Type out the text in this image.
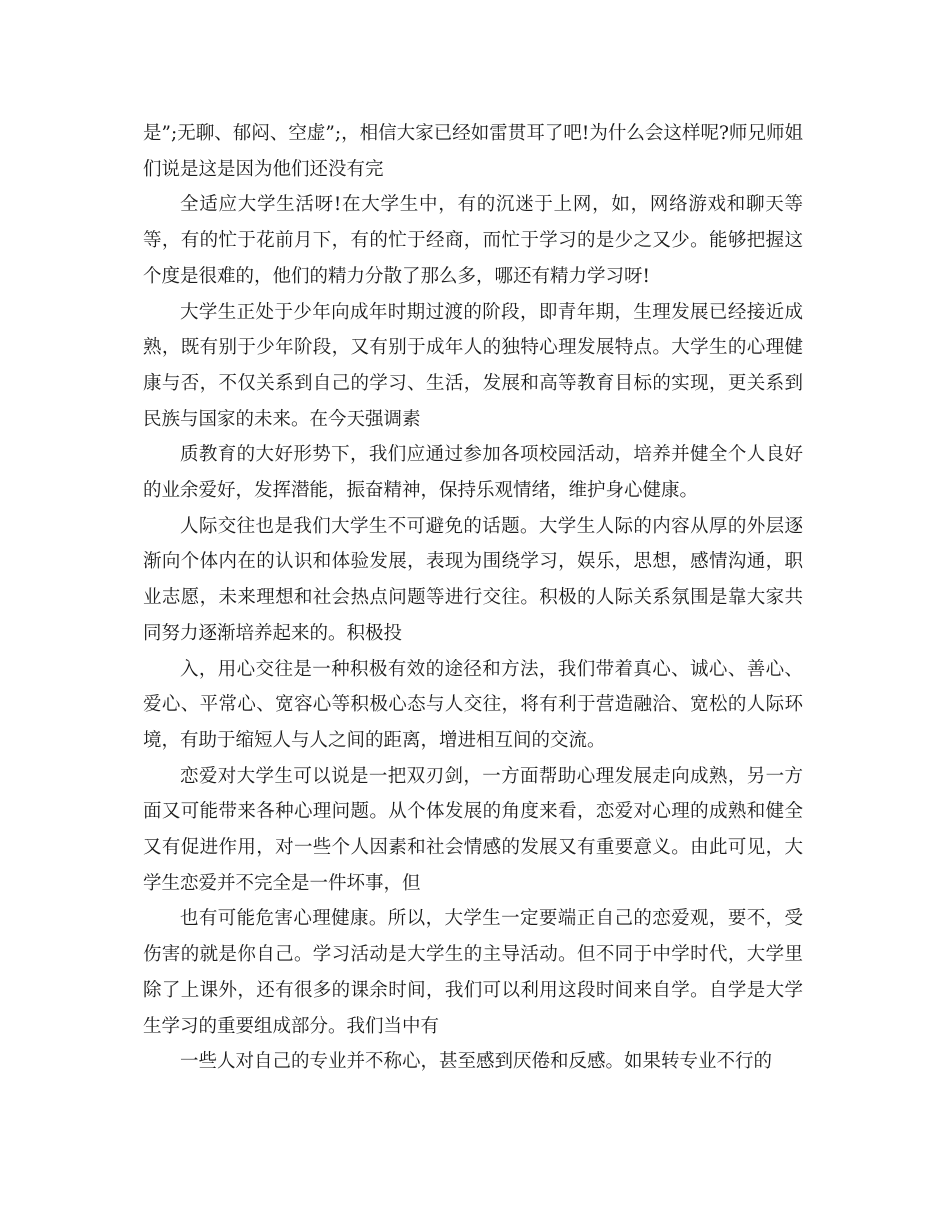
是”;无聊、郁闷、空虚”;，相信大家已经如雷贯耳了吧!为什么会这样呢?师兄师姐们说是这是因为他们还没有完

全适应大学生活呀!在大学生中，有的沉迷于上网，如，网络游戏和聊天等等，有的忙于花前月下，有的忙于经商，而忙于学习的是少之又少。能够把握这个度是很难的，他们的精力分散了那么多，哪还有精力学习呀!

大学生正处于少年向成年时期过渡的阶段，即青年期，生理发展已经接近成熟，既有别于少年阶段，又有别于成年人的独特心理发展特点。大学生的心理健康与否，不仅关系到自己的学习、生活，发展和高等教育目标的实现，更关系到民族与国家的未来。在今天强调素

质教育的大好形势下，我们应通过参加各项校园活动，培养并健全个人良好的业余爱好，发挥潜能，振奋精神，保持乐观情绪，维护身心健康。

人际交往也是我们大学生不可避免的话题。大学生人际的内容从厚的外层逐渐向个体内在的认识和体验发展，表现为围绕学习，娱乐，思想，感情沟通，职业志愿，未来理想和社会热点问题等进行交往。积极的人际关系氛围是靠大家共同努力逐渐培养起来的。积极投

入，用心交往是一种积极有效的途径和方法，我们带着真心、诚心、善心、爱心、平常心、宽容心等积极心态与人交往，将有利于营造融洽、宽松的人际环境，有助于缩短人与人之间的距离，增进相互间的交流。

恋爱对大学生可以说是一把双刃剑，一方面帮助心理发展走向成熟，另一方面又可能带来各种心理问题。从个体发展的角度来看，恋爱对心理的成熟和健全又有促进作用，对一些个人因素和社会情感的发展又有重要意义。由此可见，大学生恋爱并不完全是一件坏事，但

也有可能危害心理健康。所以，大学生一定要端正自己的恋爱观，要不，受伤害的就是你自己。学习活动是大学生的主导活动。但不同于中学时代，大学里除了上课外，还有很多的课余时间，我们可以利用这段时间来自学。自学是大学生学习的重要组成部分。我们当中有

一些人对自己的专业并不称心，甚至感到厌倦和反感。如果转专业不行的
